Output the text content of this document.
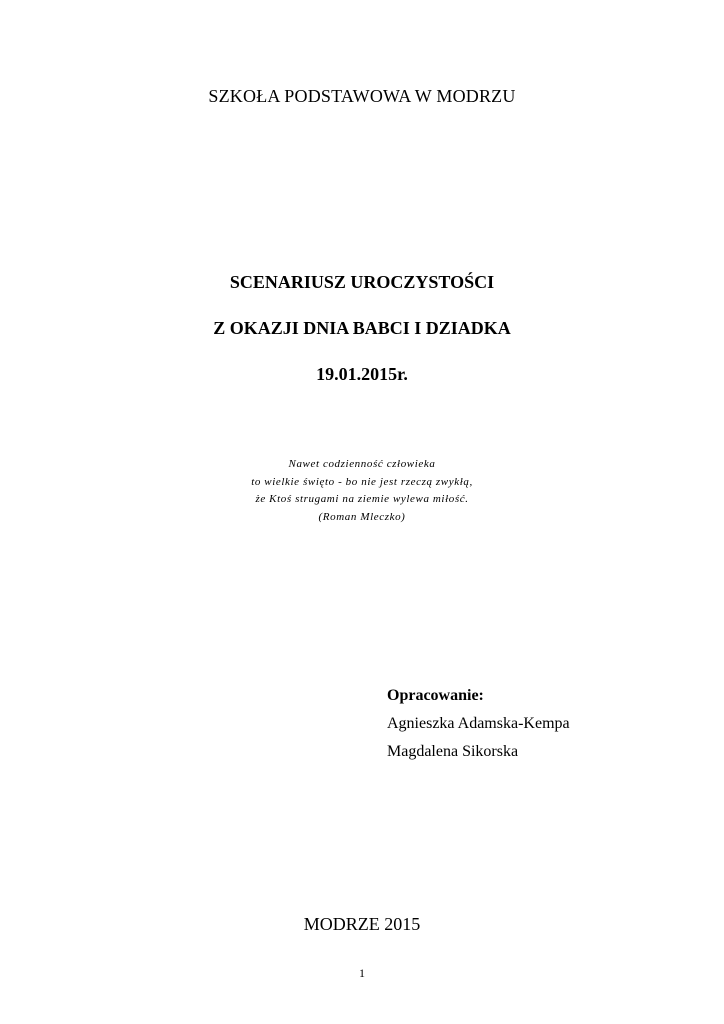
SZKOŁA PODSTAWOWA W MODRZU
SCENARIUSZ UROCZYSTOŚCI
Z OKAZJI DNIA BABCI I DZIADKA
19.01.2015r.
Nawet codzienność człowieka
to wielkie święto - bo nie jest rzeczą zwykłą,
że Ktoś strugami na ziemie wylewa miłość.
(Roman Mleczko)
Opracowanie:
Agnieszka Adamska-Kempa
Magdalena Sikorska
MODRZE 2015
1
